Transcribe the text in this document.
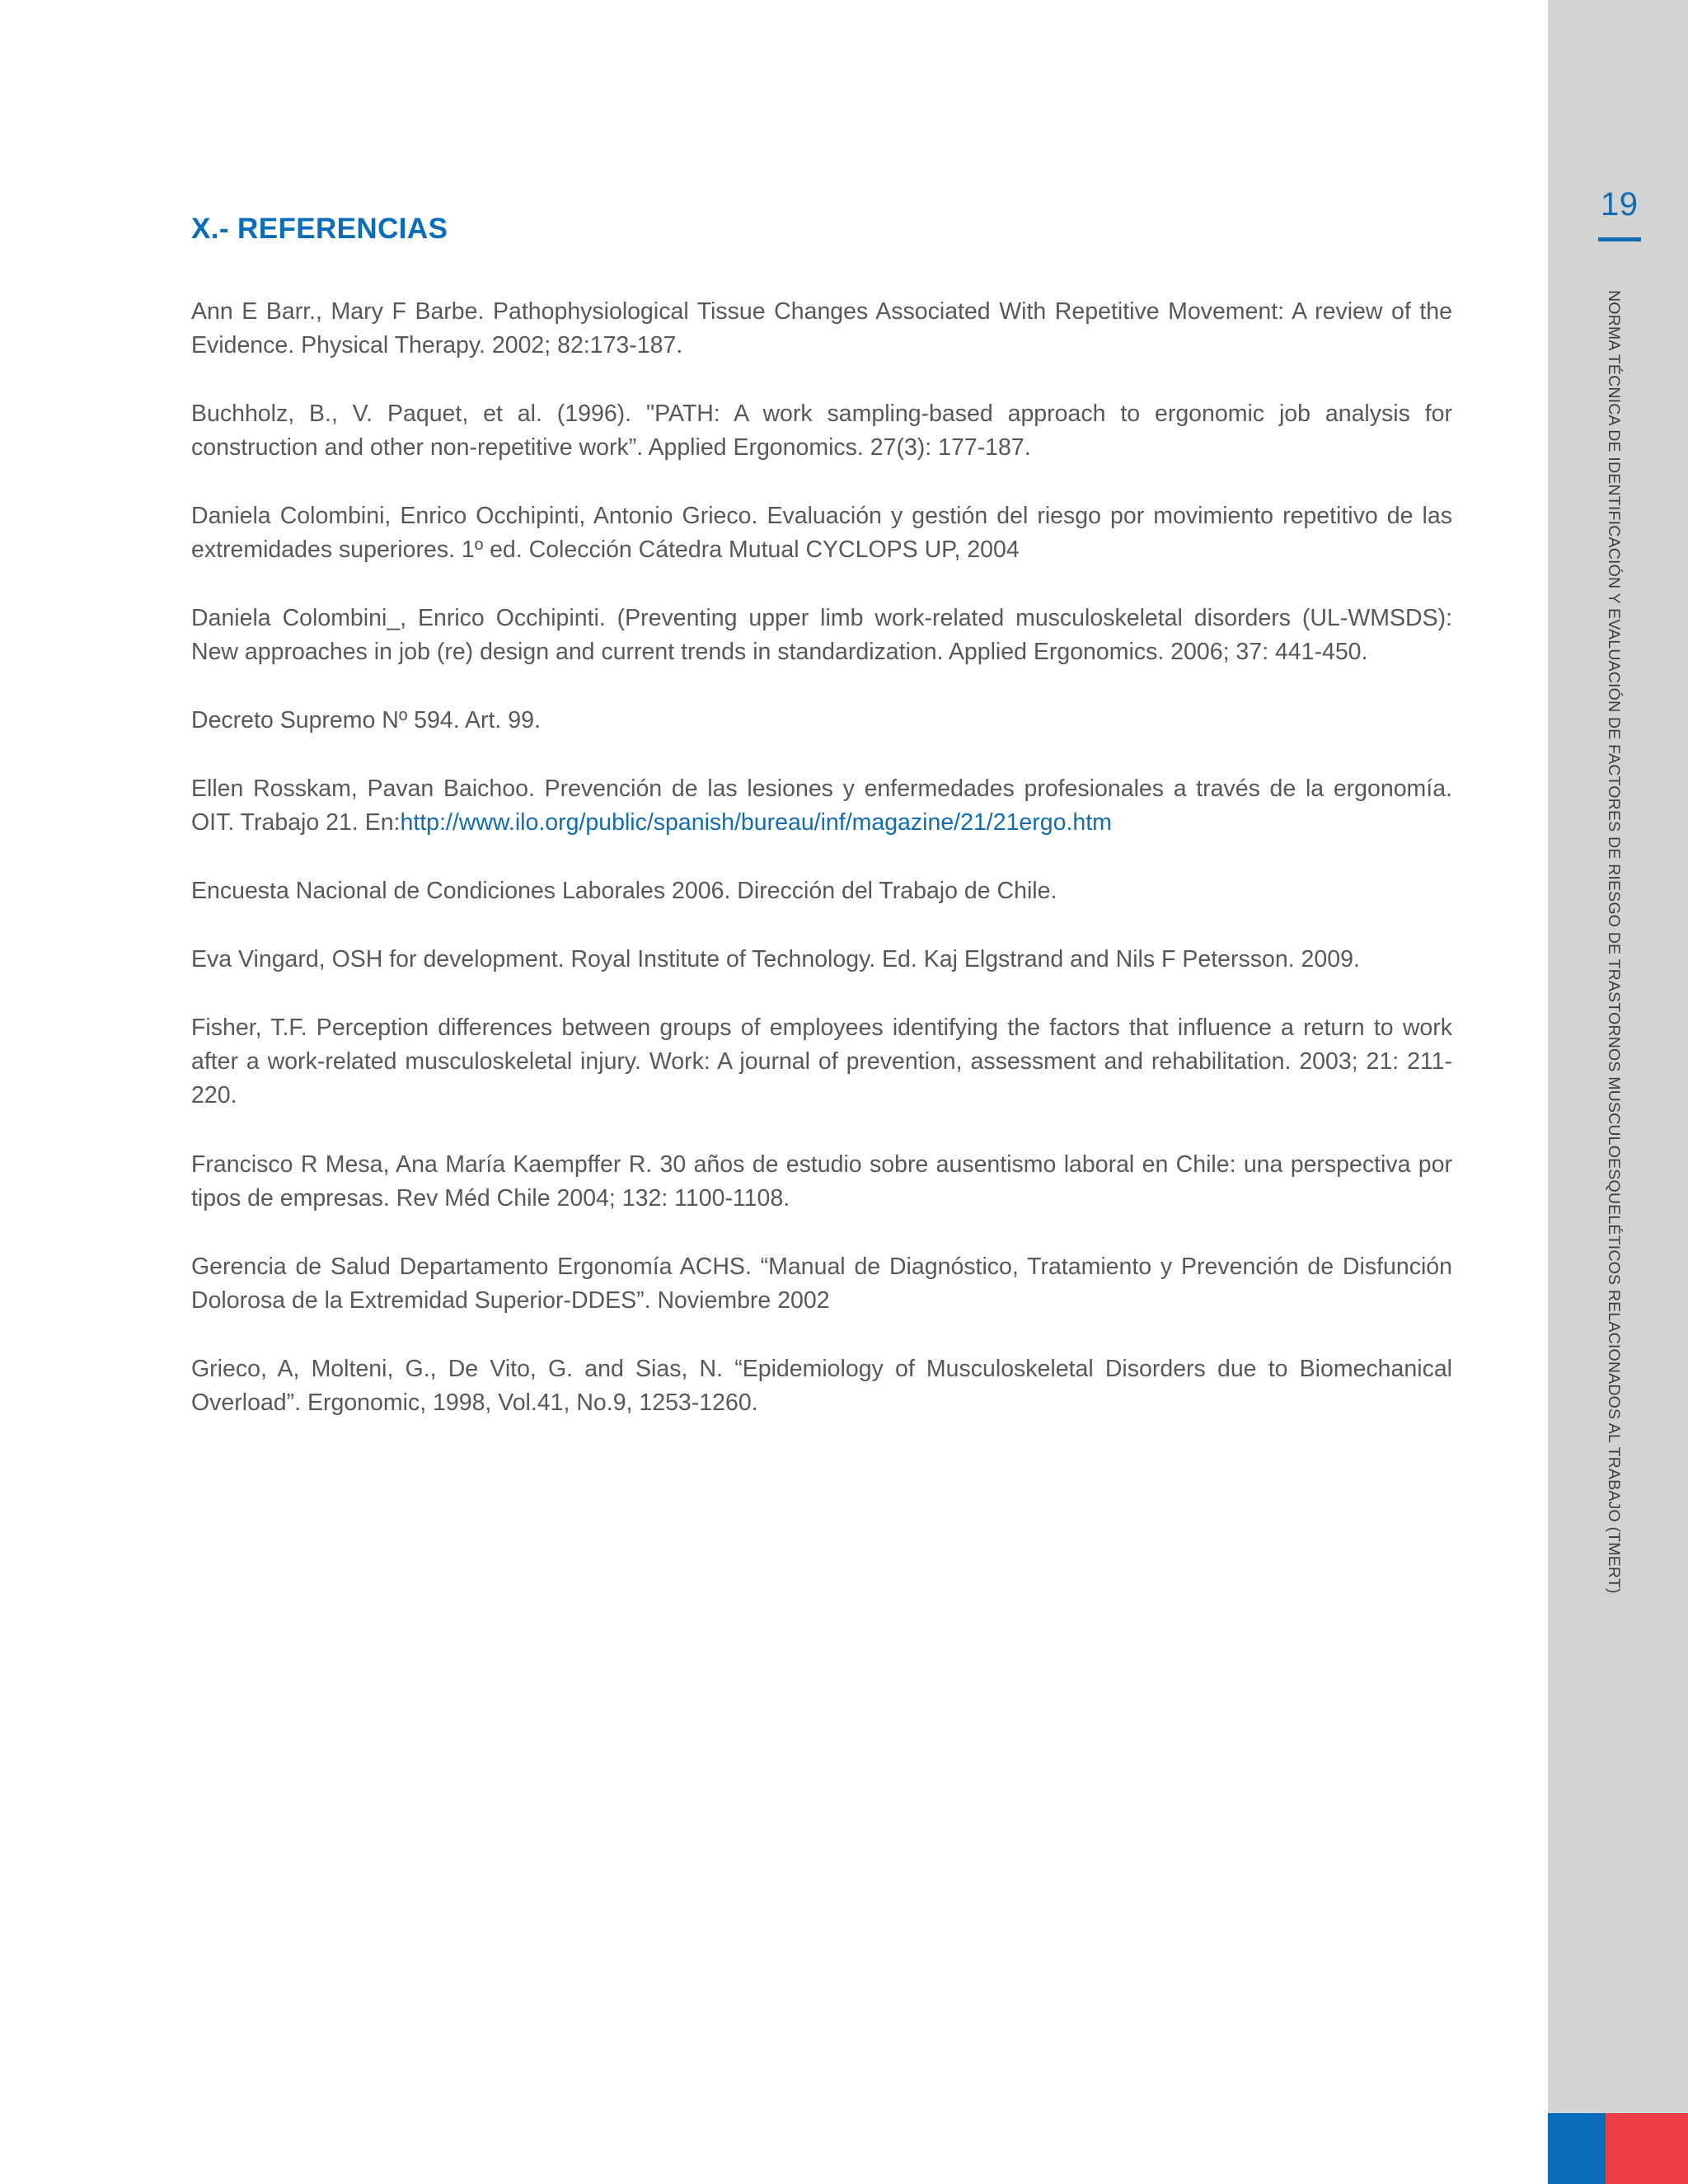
19
NORMA TÉCNICA DE IDENTIFICACIÓN Y EVALUACIÓN DE FACTORES DE RIESGO DE TRASTORNOS MUSCULOESQUELÉTICOS RELACIONADOS AL TRABAJO (TMERT)
X.- REFERENCIAS

Ann E Barr., Mary F Barbe. Pathophysiological Tissue Changes Associated With Repetitive Movement: A review of the Evidence. Physical Therapy. 2002; 82:173-187.

Buchholz, B., V. Paquet, et al. (1996). "PATH: A work sampling-based approach to ergonomic job analysis for construction and other non-repetitive work”. Applied Ergonomics. 27(3): 177-187.

Daniela Colombini, Enrico Occhipinti, Antonio Grieco. Evaluación y gestión del riesgo por movimiento repetitivo de las extremidades superiores. 1º ed. Colección Cátedra Mutual CYCLOPS UP, 2004

Daniela Colombini_, Enrico Occhipinti. (Preventing upper limb work-related musculoskeletal disorders (UL-WMSDS): New approaches in job (re) design and current trends in standardization. Applied Ergonomics. 2006; 37: 441-450.

Decreto Supremo Nº 594. Art. 99.

Ellen Rosskam, Pavan Baichoo. Prevención de las lesiones y enfermedades profesionales a través de la ergonomía. OIT. Trabajo 21. En:http://www.ilo.org/public/spanish/bureau/inf/magazine/21/21ergo.htm

Encuesta Nacional de Condiciones Laborales 2006. Dirección del Trabajo de Chile.

Eva Vingard, OSH for development. Royal Institute of Technology. Ed. Kaj Elgstrand and Nils F Petersson. 2009.

Fisher, T.F. Perception differences between groups of employees identifying the factors that influence a return to work after a work-related musculoskeletal injury. Work: A journal of prevention, assessment and rehabilitation. 2003; 21: 211-220.

Francisco R Mesa, Ana María Kaempffer R. 30 años de estudio sobre ausentismo laboral en Chile: una perspectiva por tipos de empresas. Rev Méd Chile 2004; 132: 1100-1108.

Gerencia de Salud Departamento Ergonomía ACHS. “Manual de Diagnóstico, Tratamiento y Prevención de Disfunción Dolorosa de la Extremidad Superior-DDES”. Noviembre 2002

Grieco, A, Molteni, G., De Vito, G. and Sias, N. “Epidemiology of Musculoskeletal Disorders due to Biomechanical Overload”. Ergonomic, 1998, Vol.41, No.9, 1253-1260.
